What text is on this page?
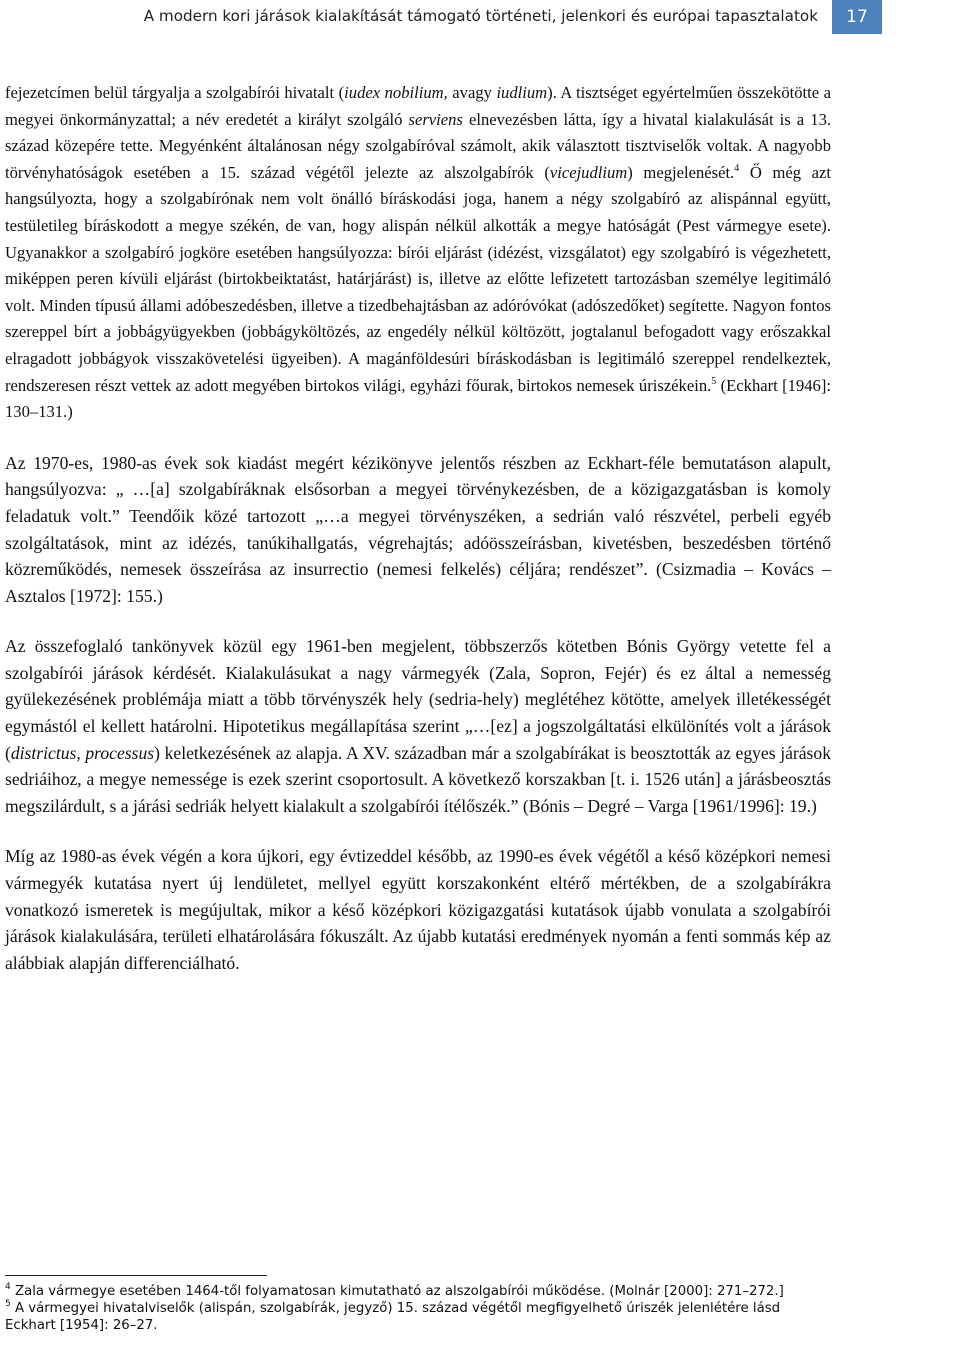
A modern kori járások kialakítását támogató történeti, jelenkori és európai tapasztalatok	17

fejezetcímen belül tárgyalja a szolgabírói hivatalt (iudex nobilium, avagy iudlium). A tisztséget egyértelműen összekötötte a megyei önkormányzattal; a név eredetét a királyt szolgáló serviens elnevezésben látta, így a hivatal kialakulását is a 13. század közepére tette. Megyénként általánosan négy szolgabíróval számolt, akik választott tisztviselők voltak. A nagyobb törvényhatóságok esetében a 15. század végétől jelezte az alszolgabírók (vicejudlium) megjelenését.$^4$ Ő még azt hangsúlyozta, hogy a szolgabírónak nem volt önálló bíráskodási joga, hanem a négy szolgabíró az alispánnal együtt, testületileg bíráskodott a megye székén, de van, hogy alispán nélkül alkották a megye hatóságát (Pest vármegye esete). Ugyanakkor a szolgabíró jogköre esetében hangsúlyozza: bírói eljárást (idézést, vizsgálatot) egy szolgabíró is végezhetett, miképpen peren kívüli eljárást (birtokbeiktatást, határjárást) is, illetve az előtte lefizetett tartozásban személye legitimáló volt. Minden típusú állami adóbeszedésben, illetve a tizedbehajtásban az adóróvókat (adószedőket) segítette. Nagyon fontos szereppel bírt a jobbágyügyekben (jobbágyköltözés, az engedély nélkül költözött, jogtalanul befogadott vagy erőszakkal elragadott jobbágyok visszakövetelési ügyeiben). A magánföldesúri bíráskodásban is legitimáló szereppel rendelkeztek, rendszeresen részt vettek az adott megyében birtokos világi, egyházi főurak, birtokos nemesek úriszékein.$^5$ (Eckhart [1946]: 130–131.)

Az 1970-es, 1980-as évek sok kiadást megért kézikönyve jelentős részben az Eckhart-féle bemutatáson alapult, hangsúlyozva: „ …[a] szolgabíráknak elsősorban a megyei törvénykezésben, de a közigazgatásban is komoly feladatuk volt.” Teendőik közé tartozott „…a megyei törvényszéken, a sedrián való részvétel, perbeli egyéb szolgáltatások, mint az idézés, tanúkihallgatás, végrehajtás; adóösszeírásban, kivetésben, beszedésben történő közreműködés, nemesek összeírása az insurrectio (nemesi felkelés) céljára; rendészet”. (Csizmadia – Kovács – Asztalos [1972]: 155.)

Az összefoglaló tankönyvek közül egy 1961-ben megjelent, többszerzős kötetben Bónis György vetette fel a szolgabírói járások kérdését. Kialakulásukat a nagy vármegyék (Zala, Sopron, Fejér) és ez által a nemesség gyülekezésének problémája miatt a több törvényszék hely (sedria-hely) meglétéhez kötötte, amelyek illetékességét egymástól el kellett határolni. Hipotetikus megállapítása szerint „…[ez] a jogszolgáltatási elkülönítés volt a járások (districtus, processus) keletkezésének az alapja. A XV. században már a szolgabírákat is beosztották az egyes járások sedriáihoz, a megye nemessége is ezek szerint csoportosult. A következő korszakban [t. i. 1526 után] a járásbeosztás megszilárdult, s a járási sedriák helyett kialakult a szolgabírói ítélőszék.” (Bónis – Degré – Varga [1961/1996]: 19.)

Míg az 1980-as évek végén a kora újkori, egy évtizeddel később, az 1990-es évek végétől a késő középkori nemesi vármegyék kutatása nyert új lendületet, mellyel együtt korszakonként eltérő mértékben, de a szolgabírákra vonatkozó ismeretek is megújultak, mikor a késő középkori közigazgatási kutatások újabb vonulata a szolgabírói járások kialakulására, területi elhatárolására fókuszált. Az újabb kutatási eredmények nyomán a fenti sommás kép az alábbiak alapján differenciálható.

$^4$ Zala vármegye esetében 1464-től folyamatosan kimutatható az alszolgabírói működése. (Molnár [2000]: 271–272.]
$^5$ A vármegyei hivatalviselők (alispán, szolgabírák, jegyző) 15. század végétől megfigyelhető úriszék jelenlétére lásd Eckhart [1954]: 26–27.
